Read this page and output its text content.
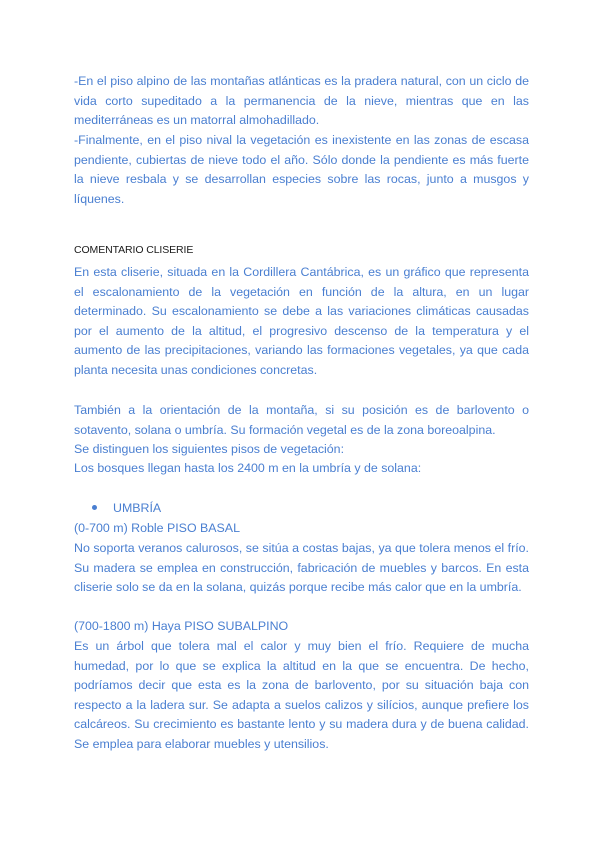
-En el piso alpino de las montañas atlánticas es la pradera natural, con un ciclo de vida corto supeditado a la permanencia de la nieve, mientras que en las mediterráneas es un matorral almohadillado.
-Finalmente, en el piso nival la vegetación es inexistente en las zonas de escasa pendiente, cubiertas de nieve todo el año. Sólo donde la pendiente es más fuerte la nieve resbala y se desarrollan especies sobre las rocas, junto a musgos y líquenes.
COMENTARIO CLISERIE
En esta cliserie, situada en la Cordillera Cantábrica, es un gráfico que representa el escalonamiento de la vegetación en función de la altura, en un lugar determinado. Su escalonamiento se debe a las variaciones climáticas causadas por el aumento de la altitud, el progresivo descenso de la temperatura y el aumento de las precipitaciones, variando las formaciones vegetales, ya que cada planta necesita unas condiciones concretas.
También a la orientación de la montaña, si su posición es de barlovento o sotavento, solana o umbría. Su formación vegetal es de la zona boreoalpina.
Se distinguen los siguientes pisos de vegetación:
Los bosques llegan hasta los 2400 m en la umbría y de solana:
UMBRÍA
(0-700 m) Roble PISO BASAL
No soporta veranos calurosos, se sitúa a costas bajas, ya que tolera menos el frío. Su madera se emplea en construcción, fabricación de muebles y barcos. En esta cliserie solo se da en la solana, quizás porque recibe más calor que en la umbría.
(700-1800 m) Haya PISO SUBALPINO
Es un árbol que tolera mal el calor y muy bien el frío. Requiere de mucha humedad, por lo que se explica la altitud en la que se encuentra. De hecho, podríamos decir que esta es la zona de barlovento, por su situación baja con respecto a la ladera sur. Se adapta a suelos calizos y silícios, aunque prefiere los calcáreos. Su crecimiento es bastante lento y su madera dura y de buena calidad. Se emplea para elaborar muebles y utensilios.
